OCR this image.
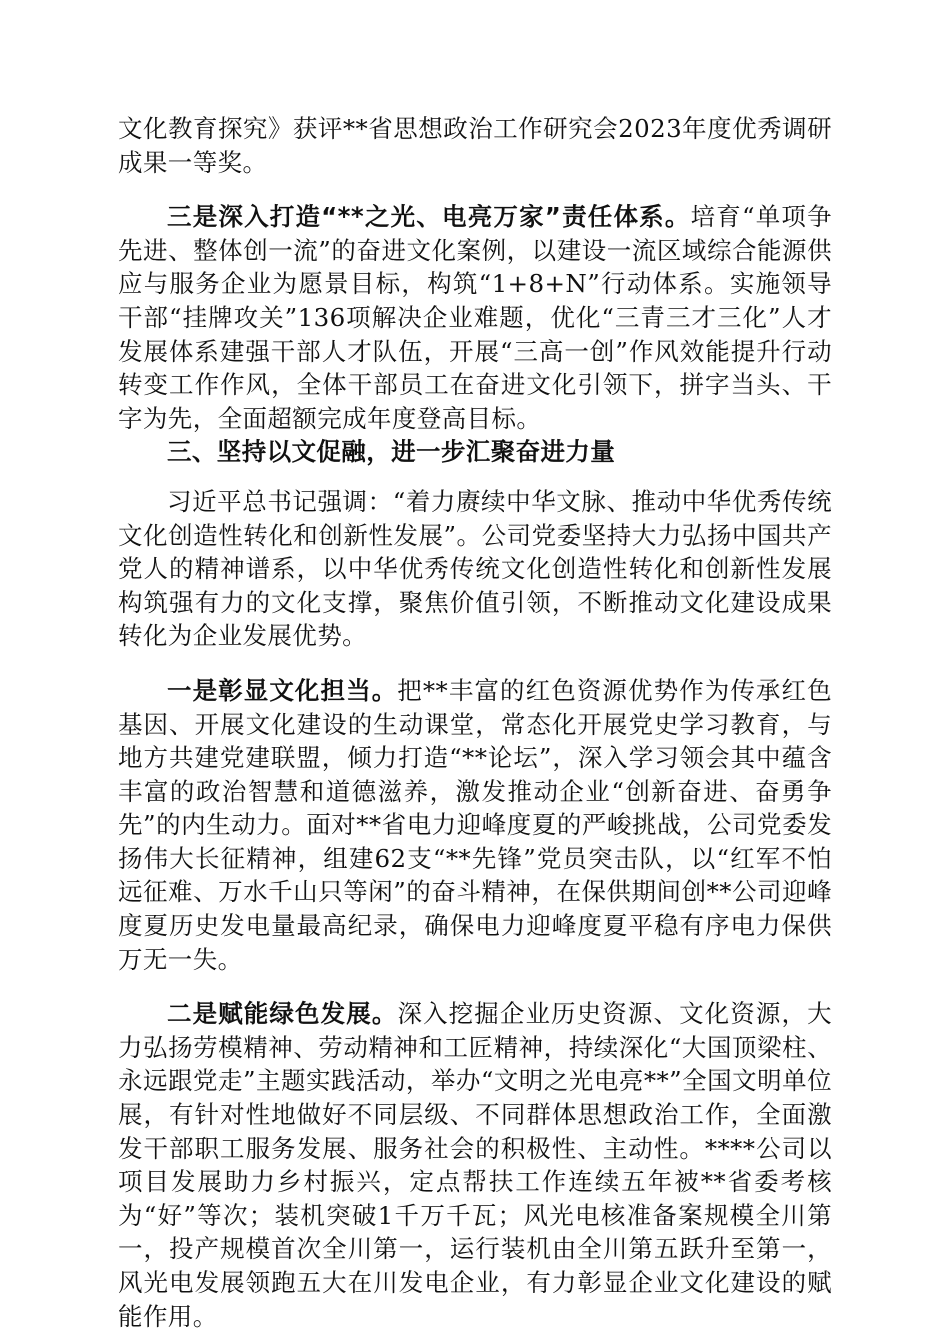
文化教育探究》获评**省思想政治工作研究会2023年度优秀调研成果一等奖。

三是深入打造“**之光、电亮万家”责任体系。培育“单项争先进、整体创一流”的奋进文化案例，以建设一流区域综合能源供应与服务企业为愿景目标，构筑“1+8+N”行动体系。实施领导干部“挂牌攻关”136项解决企业难题，优化“三青三才三化”人才发展体系建强干部人才队伍，开展“三高一创”作风效能提升行动转变工作作风，全体干部员工在奋进文化引领下，拼字当头、干字为先，全面超额完成年度登高目标。

三、坚持以文促融，进一步汇聚奋进力量

习近平总书记强调：“着力赓续中华文脉、推动中华优秀传统文化创造性转化和创新性发展”。公司党委坚持大力弘扬中国共产党人的精神谱系，以中华优秀传统文化创造性转化和创新性发展构筑强有力的文化支撑，聚焦价值引领，不断推动文化建设成果转化为企业发展优势。

一是彰显文化担当。把**丰富的红色资源优势作为传承红色基因、开展文化建设的生动课堂，常态化开展党史学习教育，与地方共建党建联盟，倾力打造“**论坛”，深入学习领会其中蕴含丰富的政治智慧和道德滋养，激发推动企业“创新奋进、奋勇争先”的内生动力。面对**省电力迎峰度夏的严峻挑战，公司党委发扬伟大长征精神，组建62支“**先锋”党员突击队，以“红军不怕远征难、万水千山只等闲”的奋斗精神，在保供期间创**公司迎峰度夏历史发电量最高纪录，确保电力迎峰度夏平稳有序电力保供万无一失。

二是赋能绿色发展。深入挖掘企业历史资源、文化资源，大力弘扬劳模精神、劳动精神和工匠精神，持续深化“大国顶梁柱、永远跟党走”主题实践活动，举办“文明之光电亮**”全国文明单位展，有针对性地做好不同层级、不同群体思想政治工作，全面激发干部职工服务发展、服务社会的积极性、主动性。****公司以项目发展助力乡村振兴，定点帮扶工作连续五年被**省委考核为“好”等次；装机突破1千万千瓦；风光电核准备案规模全川第一，投产规模首次全川第一，运行装机由全川第五跃升至第一，风光电发展领跑五大在川发电企业，有力彰显企业文化建设的赋能作用。
